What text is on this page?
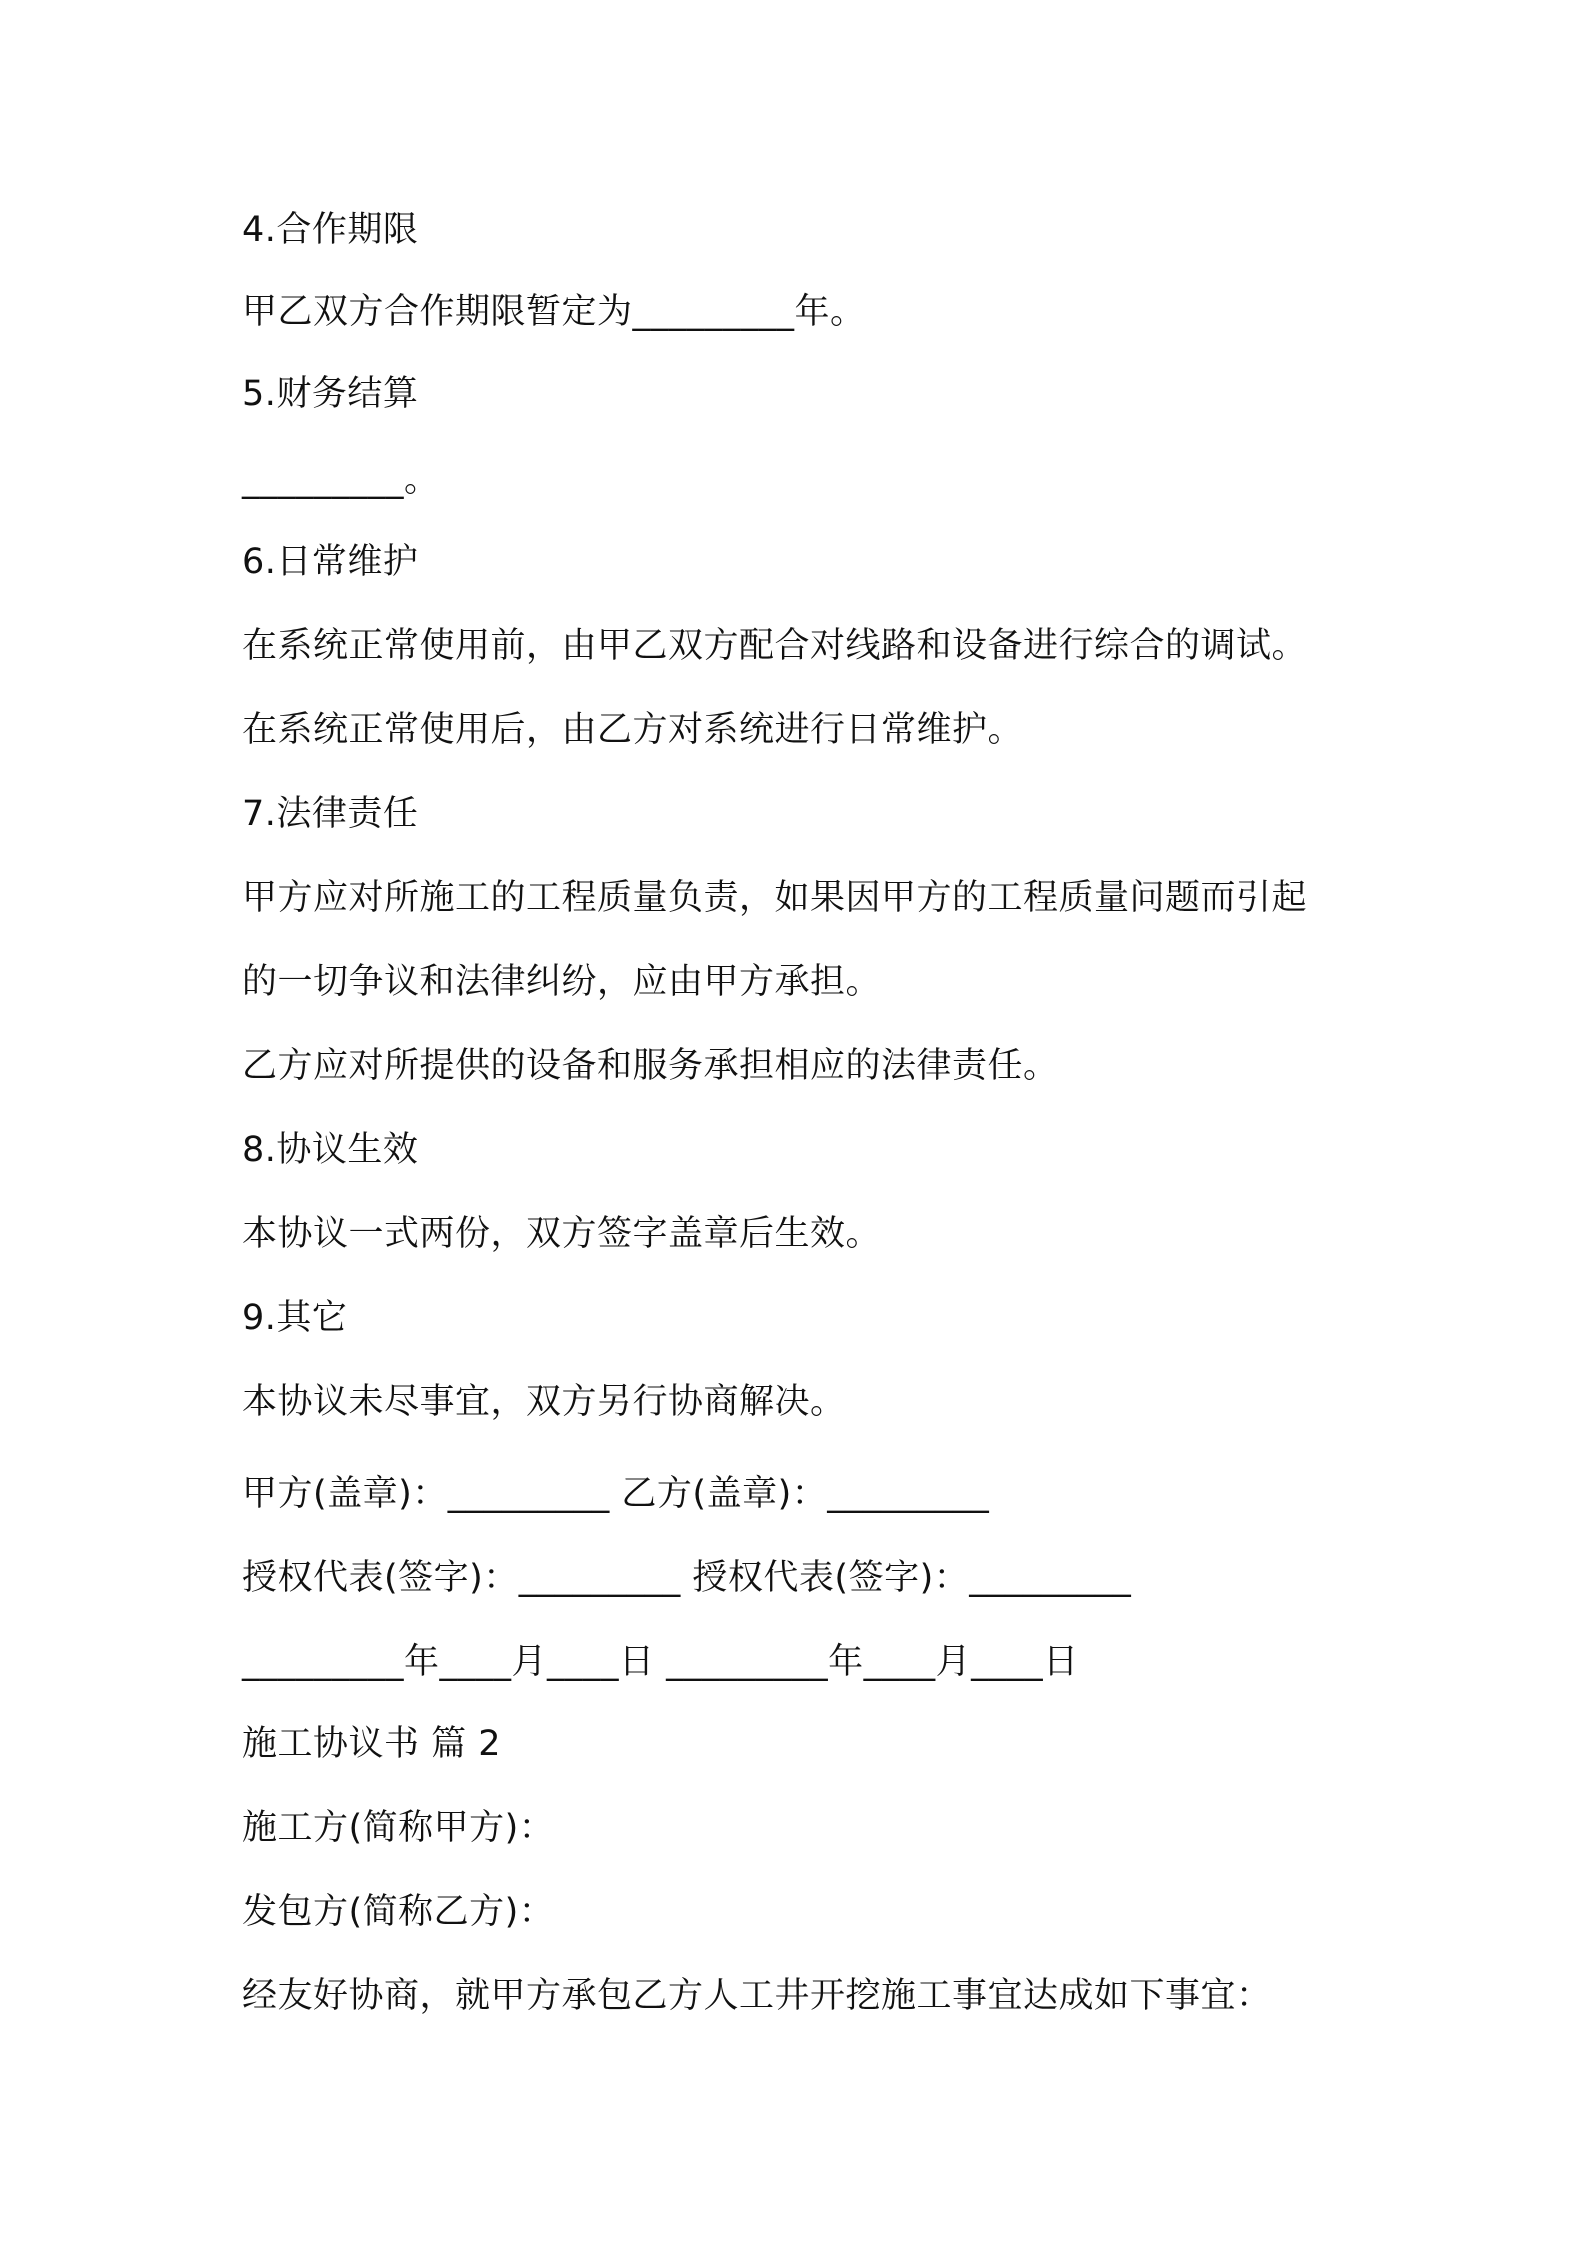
4.合作期限

甲乙双方合作期限暂定为_________年。

5.财务结算

_________。

6.日常维护

在系统正常使用前，由甲乙双方配合对线路和设备进行综合的调试。

在系统正常使用后，由乙方对系统进行日常维护。

7.法律责任

甲方应对所施工的工程质量负责，如果因甲方的工程质量问题而引起

的一切争议和法律纠纷，应由甲方承担。

乙方应对所提供的设备和服务承担相应的法律责任。

8.协议生效

本协议一式两份，双方签字盖章后生效。

9.其它

本协议未尽事宜，双方另行协商解决。

甲方(盖章)：_________ 乙方(盖章)：_________

授权代表(签字)：_________ 授权代表(签字)：_________

_________年____月____日 _________年____月____日

施工协议书 篇 2

施工方(简称甲方)：

发包方(简称乙方)：

经友好协商，就甲方承包乙方人工井开挖施工事宜达成如下事宜：
